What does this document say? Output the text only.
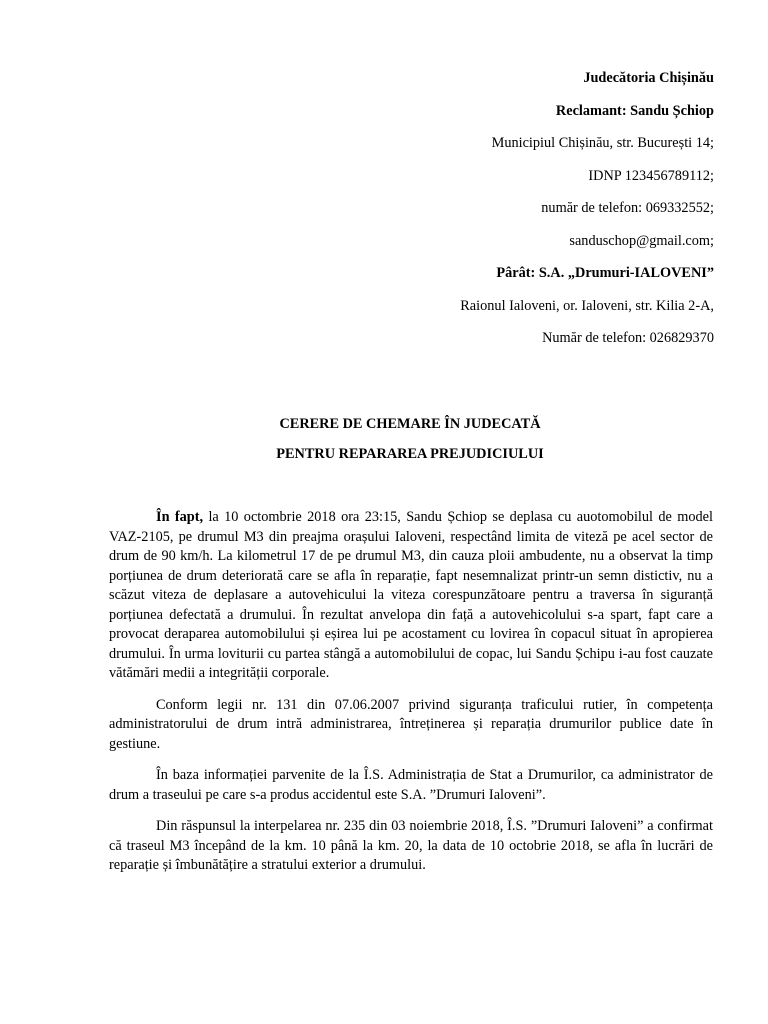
Judecătoria Chișinău
Reclamant: Sandu Șchiop
Municipiul Chișinău, str. București 14;
IDNP 123456789112;
număr de telefon: 069332552;
sanduschop@gmail.com;
Pârât: S.A. „Drumuri-IALOVENI”
Raionul Ialoveni, or. Ialoveni, str. Kilia 2-A,
Număr de telefon: 026829370
CERERE DE CHEMARE ÎN JUDECATĂ
PENTRU REPARAREA PREJUDICIULUI

În fapt, la 10 octombrie 2018 ora 23:15, Sandu Șchiop se deplasa cu auotomobilul de model VAZ-2105, pe drumul M3 din preajma orașului Ialoveni, respectând limita de viteză pe acel sector de drum de 90 km/h. La kilometrul 17 de pe drumul M3, din cauza ploii ambudente, nu a observat la timp porțiunea de drum deteriorată care se afla în reparație, fapt nesemnalizat printr-un semn distictiv, nu a scăzut viteza de deplasare a autovehicului la viteza corespunzătoare pentru a traversa în siguranță porțiunea defectată a drumului. În rezultat anvelopa din față a autovehicolului s-a spart, fapt care a provocat deraparea automobilului și eșirea lui pe acostament cu lovirea în copacul situat în apropierea drumului. În urma loviturii cu partea stângă a automobilului de copac, lui Sandu Șchipu i-au fost cauzate vătămări medii a integrității corporale.

Conform legii nr. 131 din 07.06.2007 privind siguranța traficului rutier, în competența administratorului de drum intră administrarea, întreținerea și reparația drumurilor publice date în gestiune.

În baza informației parvenite de la Î.S. Administrația de Stat a Drumurilor, ca administrator de drum a traseului pe care s-a produs accidentul este S.A. ”Drumuri Ialoveni”.

Din răspunsul la interpelarea nr. 235 din 03 noiembrie 2018, Î.S. ”Drumuri Ialoveni” a confirmat că traseul M3 începând de la km. 10 până la km. 20, la data de 10 octobrie 2018, se afla în lucrări de reparație și îmbunătățire a stratului exterior a drumului.
